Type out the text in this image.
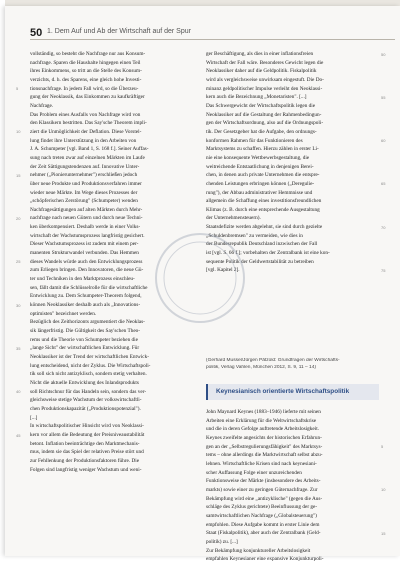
50 1. Dem Auf und Ab der Wirtschaft auf der Spur
vollständig, so besteht die Nachfrage nur aus Konsum-
nachfrage. Sparen die Haushalte hingegen einen Teil
ihres Einkommens, so tritt an die Stelle des Konsum-
verzichts, d. h. des Sparens, eine gleich hohe Investi-
tionsnachfrage. In jedem Fall wird, so die Überzeu-
gung der Neoklassik, das Einkommen zu kaufkräftiger
Nachfrage.
Das Problem eines Ausfalls von Nachfrage wird von
den Klassikern bestritten. Das Say'sche Theorem impli-
ziert die Unmöglichkeit der Deflation. Diese Vorstel-
lung findet ihre Unterstützung in den Arbeiten von
J. A. Schumpeter [vgl. Band 1, S. 168 f.]. Seiner Auffas-
sung nach treten zwar auf einzelnen Märkten im Laufe
der Zeit Sättigungstendenzen auf. Innovative Unter-
nehmer („Pionierunternehmer") erschließen jedoch
über neue Produkte und Produktionsverfahren immer
wieder neue Märkte. Im Wege dieses Prozesses der
„schöpferischen Zerstörung" (Schumpeter) wenden
Nachfragesättigungen auf alten Märkten durch Mehr-
nachfrage nach neuen Gütern und durch neue Techni-
ken überkompensiert. Deshalb werde in einer Volks-
wirtschaft der Wachstumsprozess langfristig gesichert.
Dieser Wachstumsprozess ist zudem mit einem per-
manenten Strukturwandel verbunden. Das Hemmen
dieses Wandels würde auch den Entwicklungsprozess
zum Erliegen bringen. Den Innovatoren, die neue Gü-
ter und Techniken in den Marktprozess einschleu-
sen, fällt damit die Schlüsselrolle für die wirtschaftliche
Entwicklung zu. Dem Schumpeter-Theorem folgend,
können Neoklassiker deshalb auch als „Innovations-
optimisten" bezeichnet werden.
Bezüglich des Zeithorizonts argumentiert die Neoklas-
sik längerfristig. Die Gültigkeit des Say'schen Theo-
rems und die Theorie von Schumpeter beziehen die
„lange Sicht" der wirtschaftlichen Entwicklung. Für
Neoklassiker ist der Trend der wirtschaftlichen Entwick-
lung entscheidend, nicht der Zyklus. Die Wirtschaftspoli-
tik soll sich nicht antizyklisch, sondern stetig verhalten.
Nicht die aktuelle Entwicklung des Inlandsprodukts
soll Richtschnur für das Handeln sein, sondern das ver-
gleichsweise stetige Wachstum der volkswirtschaftli-
chen Produktionskapazität („Produktionspotenzial").
[...]
In wirtschaftspolitischer Hinsicht wird von Neoklassi-
kern vor allem die Bedeutung der Preisniveaustabilität
betont. Inflation beeinträchtige den Marktmechanis-
mus, indem sie das Spiel der relativen Preise stört und
zur Fehllenkung der Produktionsfaktoren führe. Die
Folgen sind langfristig weniger Wachstum und weni-
5
10
15
20
25
30
35
40
45
ger Beschäftigung, als dies in einer inflationsfreien
Wirtschaft der Fall wäre. Besonderes Gewicht legen die
Neoklassiker daher auf die Geldpolitik. Fiskalpolitik
wird als vergleichsweise unwirksam eingestuft. Die Do-
minanz geldpolitischer Impulse verleiht den Neoklassi-
kern auch die Bezeichnung „Monetaristen". [...]
Das Schwergewicht der Wirtschaftspolitik legen die
Neoklassiker auf die Gestaltung der Rahmenbedingun-
gen der Wirtschaftsordnung, also auf die Ordnungspoli-
tik. Der Gesetzgeber hat die Aufgabe, den ordnungs-
konformen Rahmen für das Funktionieren des
Marktsystems zu schaffen. Hierzu zählen in erster Li-
nie eine konsequente Wettbewerbsgestaltung, die
weitreichende Entstaatlichung in denjenigen Berei-
chen, in denen auch private Unternehmen die entspre-
chenden Leistungen erbringen können („Deregulie-
rung"), der Abbau administrativer Hemmnisse und
allgemein die Schaffung eines investitionsfreundlichen
Klimas (z. B. durch eine entsprechende Ausgestaltung
der Unternehmensteuern).
Staatsdefizite werden abgelehnt, sie sind durch gezielte
„Schuldenbremsen" zu vermeiden, wie dies in
der Bundesrepublik Deutschland inzwischen der Fall
ist [vgl. S. 66 f.]; vorbehalten der Zentralbank ist eine kon-
sequente Politik der Geldwertstabilität zu betreiben
[vgl. Kapitel 2].
50
55
60
65
70
75
(Gerhard Mussel/Jürgen Pätzold: Grundfragen der Wirtschafts-
politik, Verlag Vahlen, München 2012, S. 9, 11 – 14)
Keynesianisch orientierte Wirtschaftspolitik
John Maynard Keynes (1883–1946) lieferte mit seinen
Arbeiten eine Erklärung für die Weltwirtschaftskrise
und die in deren Gefolge auftretende Arbeitslosigkeit.
Keynes zweifelte angesichts der historischen Erfahrun-
gen an der „Selbstregulierungsfähigkeit" des Marktsys-
tems – ohne allerdings die Marktwirtschaft selbst abzu-
lehnen. Wirtschaftliche Krisen sind nach keynesiani-
scher Auffassung Folge einer unzureichenden
Funktionsweise der Märkte (insbesondere des Arbeits-
markts) sowie einer zu geringen Güternachfrage. Zur
Bekämpfung wird eine „antizyklische" (gegen die Aus-
schläge des Zyklus gerichtete) Beeinflussung der ge-
samtwirtschaftlichen Nachfrage („Globalsteuerung")
empfohlen. Diese Aufgabe kommt in erster Linie dem
Staat (Fiskalpolitik), aber auch der Zentralbank (Geld-
politik) zu. [...]
Zur Bekämpfung konjunktureller Arbeitslosigkeit
empfahlen Keynesianer eine expansive Konjunkturpoli-
5
10
15
